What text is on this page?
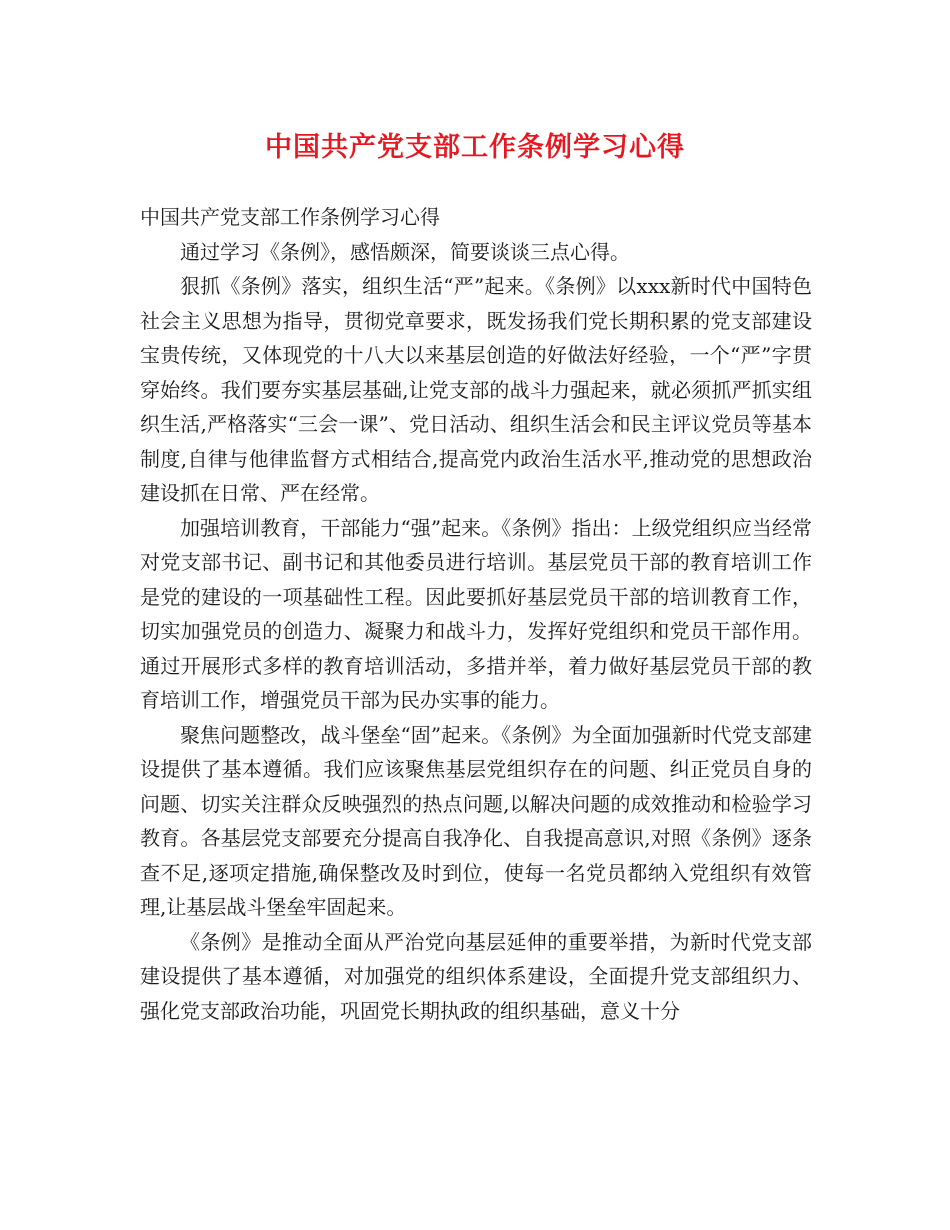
中国共产党支部工作条例学习心得

中国共产党支部工作条例学习心得

通过学习《条例》，感悟颇深，简要谈谈三点心得。

狠抓《条例》落实，组织生活“严”起来。《条例》以xxx新时代中国特色社会主义思想为指导，贯彻党章要求，既发扬我们党长期积累的党支部建设宝贵传统，又体现党的十八大以来基层创造的好做法好经验，一个“严”字贯穿始终。我们要夯实基层基础,让党支部的战斗力强起来，就必须抓严抓实组织生活,严格落实“三会一课”、党日活动、组织生活会和民主评议党员等基本制度,自律与他律监督方式相结合,提高党内政治生活水平,推动党的思想政治建设抓在日常、严在经常。

加强培训教育，干部能力“强”起来。《条例》指出：上级党组织应当经常对党支部书记、副书记和其他委员进行培训。基层党员干部的教育培训工作是党的建设的一项基础性工程。因此要抓好基层党员干部的培训教育工作，切实加强党员的创造力、凝聚力和战斗力，发挥好党组织和党员干部作用。通过开展形式多样的教育培训活动，多措并举，着力做好基层党员干部的教育培训工作，增强党员干部为民办实事的能力。

聚焦问题整改，战斗堡垒“固”起来。《条例》为全面加强新时代党支部建设提供了基本遵循。我们应该聚焦基层党组织存在的问题、纠正党员自身的问题、切实关注群众反映强烈的热点问题,以解决问题的成效推动和检验学习教育。各基层党支部要充分提高自我净化、自我提高意识,对照《条例》逐条查不足,逐项定措施,确保整改及时到位，使每一名党员都纳入党组织有效管理,让基层战斗堡垒牢固起来。

《条例》是推动全面从严治党向基层延伸的重要举措，为新时代党支部建设提供了基本遵循，对加强党的组织体系建设，全面提升党支部组织力、强化党支部政治功能，巩固党长期执政的组织基础，意义十分
